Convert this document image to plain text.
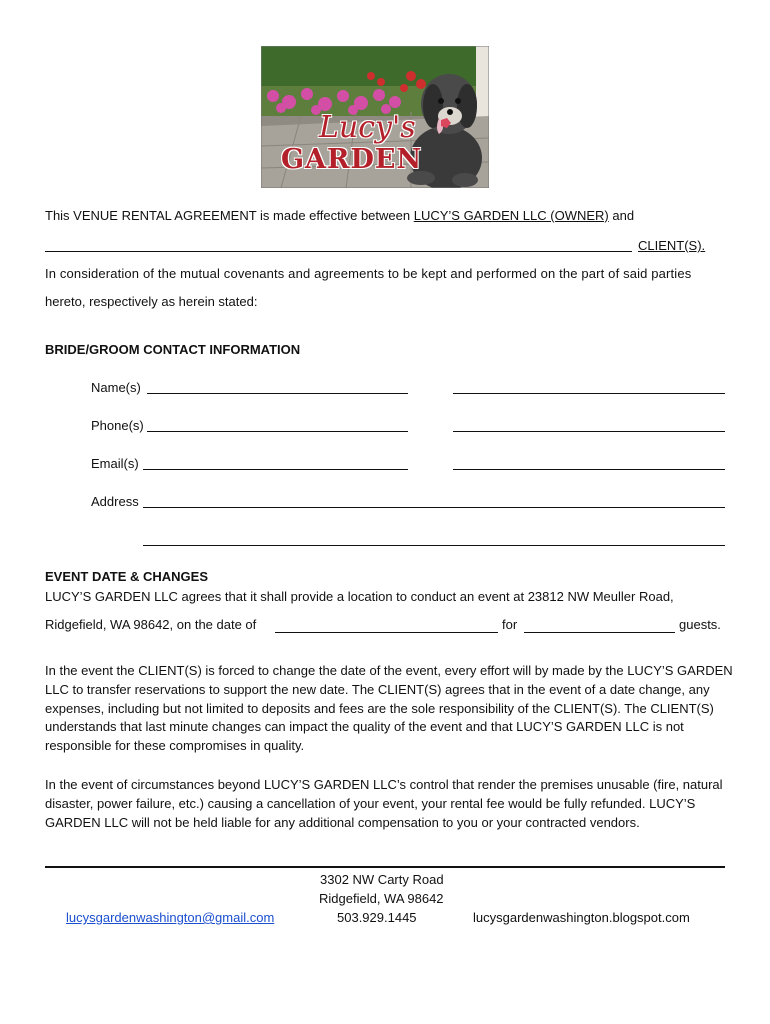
Lucy's
GARDEN
This VENUE RENTAL AGREEMENT is made effective between LUCY’S GARDEN LLC (OWNER) and
CLIENT(S).
In consideration of the mutual covenants and agreements to be kept and performed on the part of said parties
hereto, respectively as herein stated:
BRIDE/GROOM CONTACT INFORMATION
Name(s)
Phone(s)
Email(s)
Address
EVENT DATE & CHANGES
LUCY’S GARDEN LLC agrees that it shall provide a location to conduct an event at 23812 NW Meuller Road,
Ridgefield, WA 98642, on the date of	for	guests.
In the event the CLIENT(S) is forced to change the date of the event, every effort will by made by the LUCY’S GARDEN LLC to transfer reservations to support the new date. The CLIENT(S) agrees that in the event of a date change, any expenses, including but not limited to deposits and fees are the sole responsibility of the CLIENT(S). The CLIENT(S) understands that last minute changes can impact the quality of the event and that LUCY’S GARDEN LLC is not responsible for these compromises in quality.
In the event of circumstances beyond LUCY’S GARDEN LLC’s control that render the premises unusable (fire, natural disaster, power failure, etc.) causing a cancellation of your event, your rental fee would be fully refunded. LUCY’S GARDEN LLC will not be held liable for any additional compensation to you or your contracted vendors.
3302 NW Carty Road
Ridgefield, WA 98642
lucysgardenwashington@gmail.com	503.929.1445	lucysgardenwashington.blogspot.com
